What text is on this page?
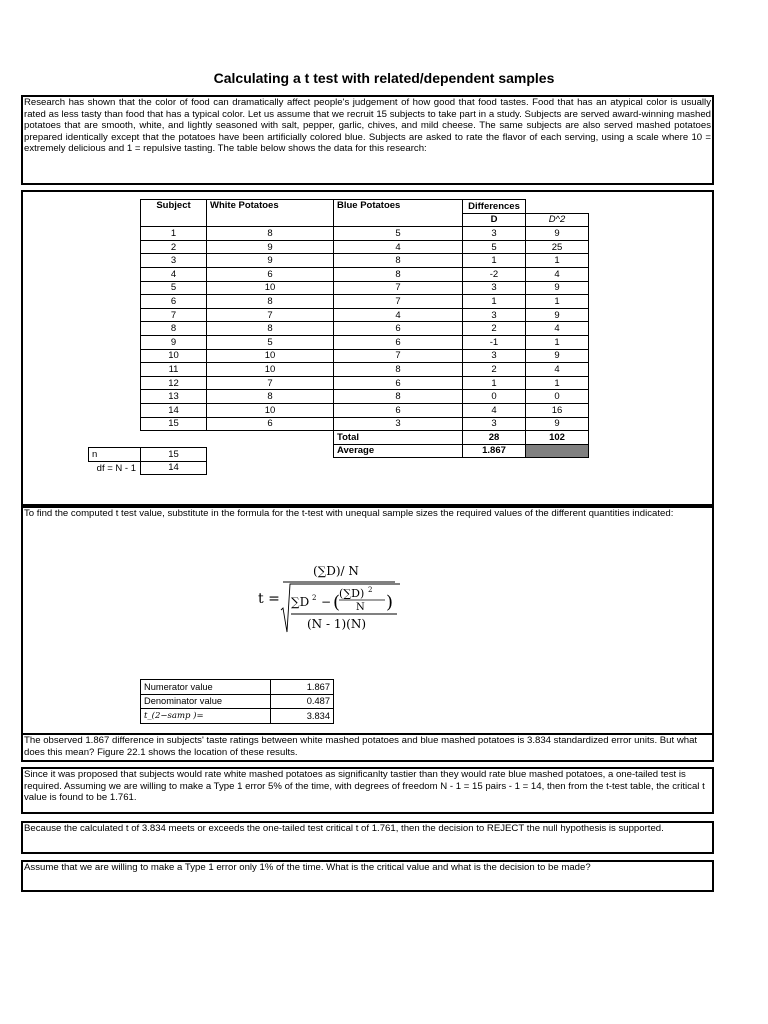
Calculating a t test with related/dependent samples

Research has shown that the color of food can dramatically affect people's judgement of how good that food tastes. Food that has an atypical color is usually rated as less tasty than food that has a typical color. Let us assume that we recruit 15 subjects to take part in a study. Subjects are served award-winning mashed potatoes that are smooth, white, and lightly seasoned with salt, pepper, garlic, chives, and mild cheese. The same subjects are also served mashed potatoes prepared identically except that the potatoes have been artificially colored blue. Subjects are asked to rate the flavor of each serving, using a scale where 10 = extremely delicious and 1 = repulsive tasting. The table below shows the data for this research:

Subject	White Potatoes	Blue Potatoes	Differences	
			D	D^2
1	8	5	3	9
2	9	4	5	25
3	9	8	1	1
4	6	8	-2	4
5	10	7	3	9
6	8	7	1	1
7	7	4	3	9
8	8	6	2	4
9	5	6	-1	1
10	10	7	3	9
11	10	8	2	4
12	7	6	1	1
13	8	8	0	0
14	10	6	4	16
15	6	3	3	9
		Total	28	102
		Average	1.867	
n	15
df = N - 1	14

To find the computed t test value, substitute in the formula for the t-test with unequal sample sizes the required values of the different quantities indicated:

t =
(∑D)/ N
∑D 2 − (
(∑D) 2
N )
(N - 1)(N)
Numerator value	1.867
Denominator value	0.487
t_(2−samp )=	3.834

The observed 1.867 difference in subjects' taste ratings between white mashed potatoes and blue mashed potatoes is 3.834 standardized error units. But what does this mean? Figure 22.1 shows the location of these results.

Since it was proposed that subjects would rate white mashed potatoes as significanlty tastier than they would rate blue mashed potatoes, a one-tailed test is required. Assuming we are willing to make a Type 1 error 5% of the time, with degrees of freedom N - 1 = 15 pairs - 1 = 14, then from the t-test table, the critical t value is found to be 1.761.

Because the calculated t of 3.834 meets or exceeds the one-tailed test critical t of 1.761, then the decision to REJECT the null hypothesis is supported.

Assume that we are willing to make a Type 1 error only 1% of the time. What is the critical value and what is the decision to be made?
